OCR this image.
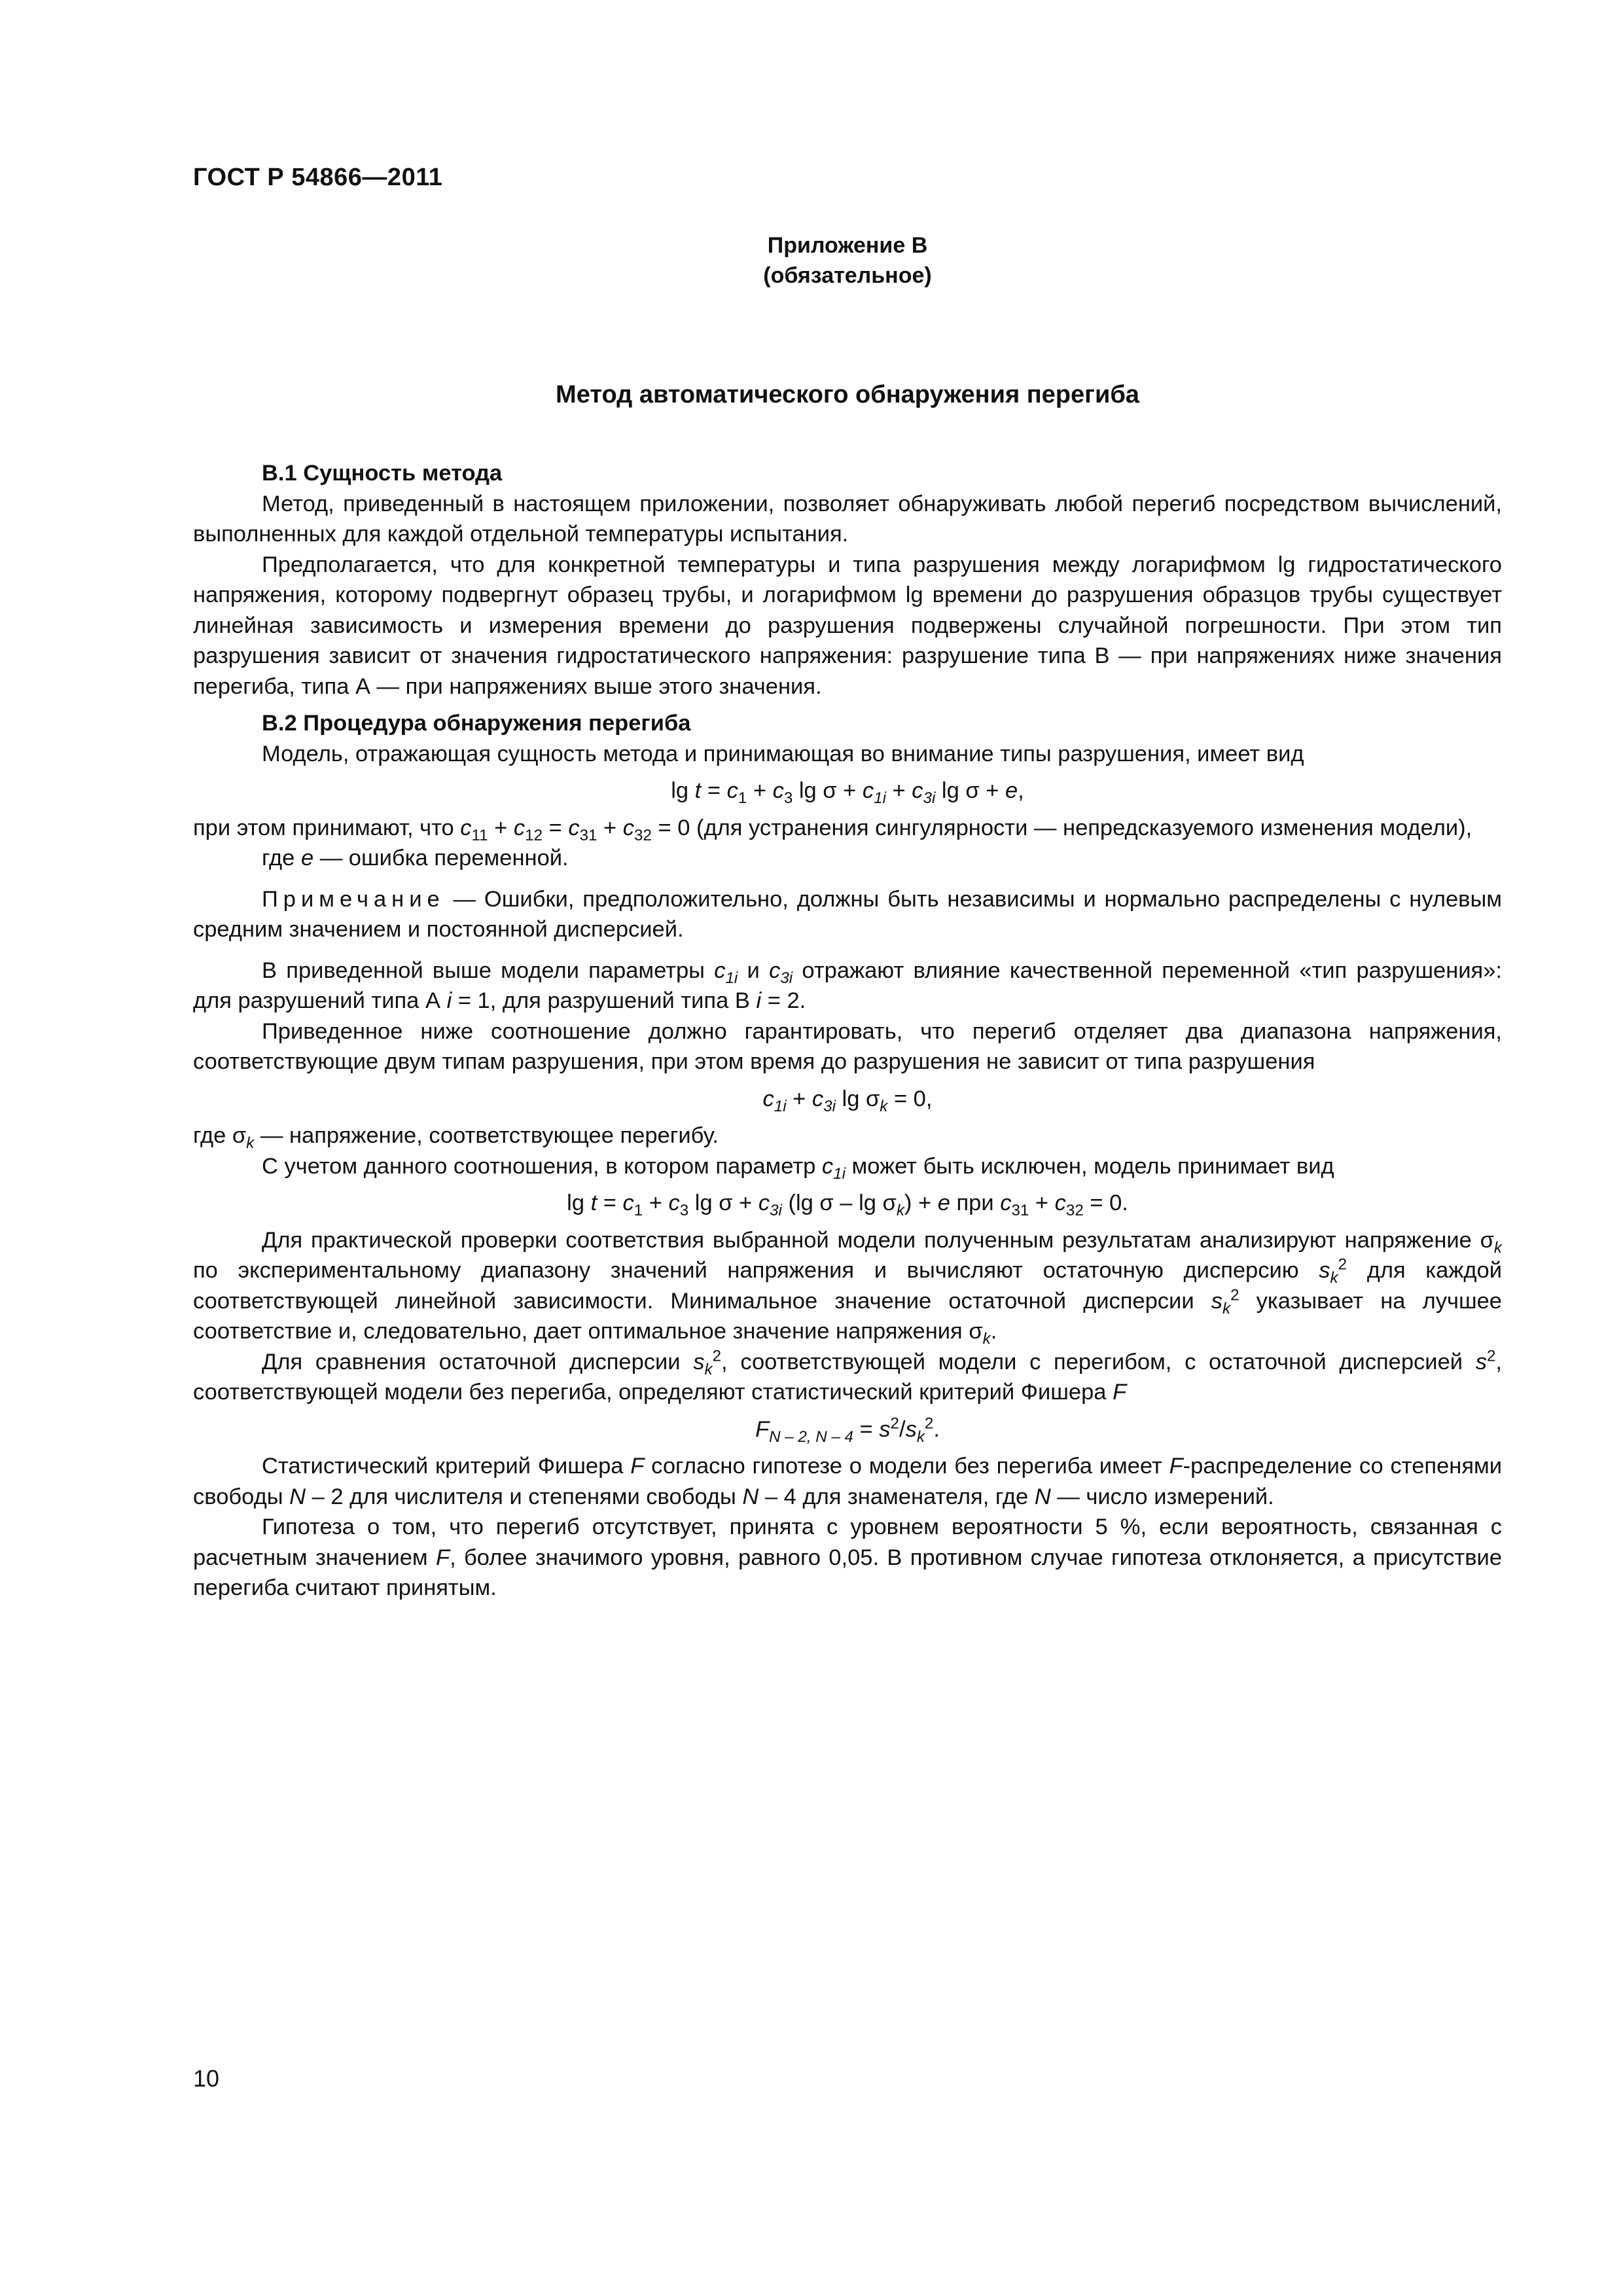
ГОСТ Р 54866—2011
Приложение В
(обязательное)
Метод автоматического обнаружения перегиба

В.1 Сущность метода

Метод, приведенный в настоящем приложении, позволяет обнаруживать любой перегиб посредством вычислений, выполненных для каждой отдельной температуры испытания.

Предполагается, что для конкретной температуры и типа разрушения между логарифмом lg гидростатического напряжения, которому подвергнут образец трубы, и логарифмом lg времени до разрушения образцов трубы существует линейная зависимость и измерения времени до разрушения подвержены случайной погрешности. При этом тип разрушения зависит от значения гидростатического напряжения: разрушение типа В — при напряжениях ниже значения перегиба, типа А — при напряжениях выше этого значения.

В.2 Процедура обнаружения перегиба

Модель, отражающая сущность метода и принимающая во внимание типы разрушения, имеет вид

$\lg t = c_1 + c_3$ $\lg \sigma + c_{1i} + c_{3i}$ lg σ + e,

при этом принимают, что $c_{11} + c_{12} = c_{31} + c_{32} = 0$ (для устранения сингулярности — непредсказуемого изменения модели),

где e — ошибка переменной.

Примечание — Ошибки, предположительно, должны быть независимы и нормально распределены с нулевым средним значением и постоянной дисперсией.

В приведенной выше модели параметры $c_{1i}$ и $c_{3i}$ отражают влияние качественной переменной «тип разрушения»: для разрушений типа А i = 1, для разрушений типа В i = 2.

Приведенное ниже соотношение должно гарантировать, что перегиб отделяет два диапазона напряжения, соответствующие двум типам разрушения, при этом время до разрушения не зависит от типа разрушения

$c_{1i} + c_{3i}$ $\lg \sigma_k = 0$,

где $\sigma_k$ — напряжение, соответствующее перегибу.

С учетом данного соотношения, в котором параметр $c_{1i}$ может быть исключен, модель принимает вид

$\lg t = c_1 + c_3$ $\lg \sigma + c_{3i}$ (lg $\sigma - \lg \sigma_k) + e$ при $c_{31} + c_{32} = 0$.

Для практической проверки соответствия выбранной модели полученным результатам анализируют напряжение $\sigma_k$ по экспериментальному диапазону значений напряжения и вычисляют остаточную дисперсию $s_k^2$ для каждой соответствующей линейной зависимости. Минимальное значение остаточной дисперсии $s_k^2$ указывает на лучшее соответствие и, следовательно, дает оптимальное значение напряжения $\sigma_k$.

Для сравнения остаточной дисперсии $s_k^2$, соответствующей модели с перегибом, с остаточной дисперсией $s^2$, соответствующей модели без перегиба, определяют статистический критерий Фишера F

$F_{N - 2, N - 4} = s^2/s_k^2$.

Статистический критерий Фишера F согласно гипотезе о модели без перегиба имеет F-распределение со степенями свободы N – 2 для числителя и степенями свободы N – 4 для знаменателя, где N — число измерений.

Гипотеза о том, что перегиб отсутствует, принята с уровнем вероятности 5 %, если вероятность, связанная с расчетным значением F, более значимого уровня, равного 0,05. В противном случае гипотеза отклоняется, а присутствие перегиба считают принятым.

10
